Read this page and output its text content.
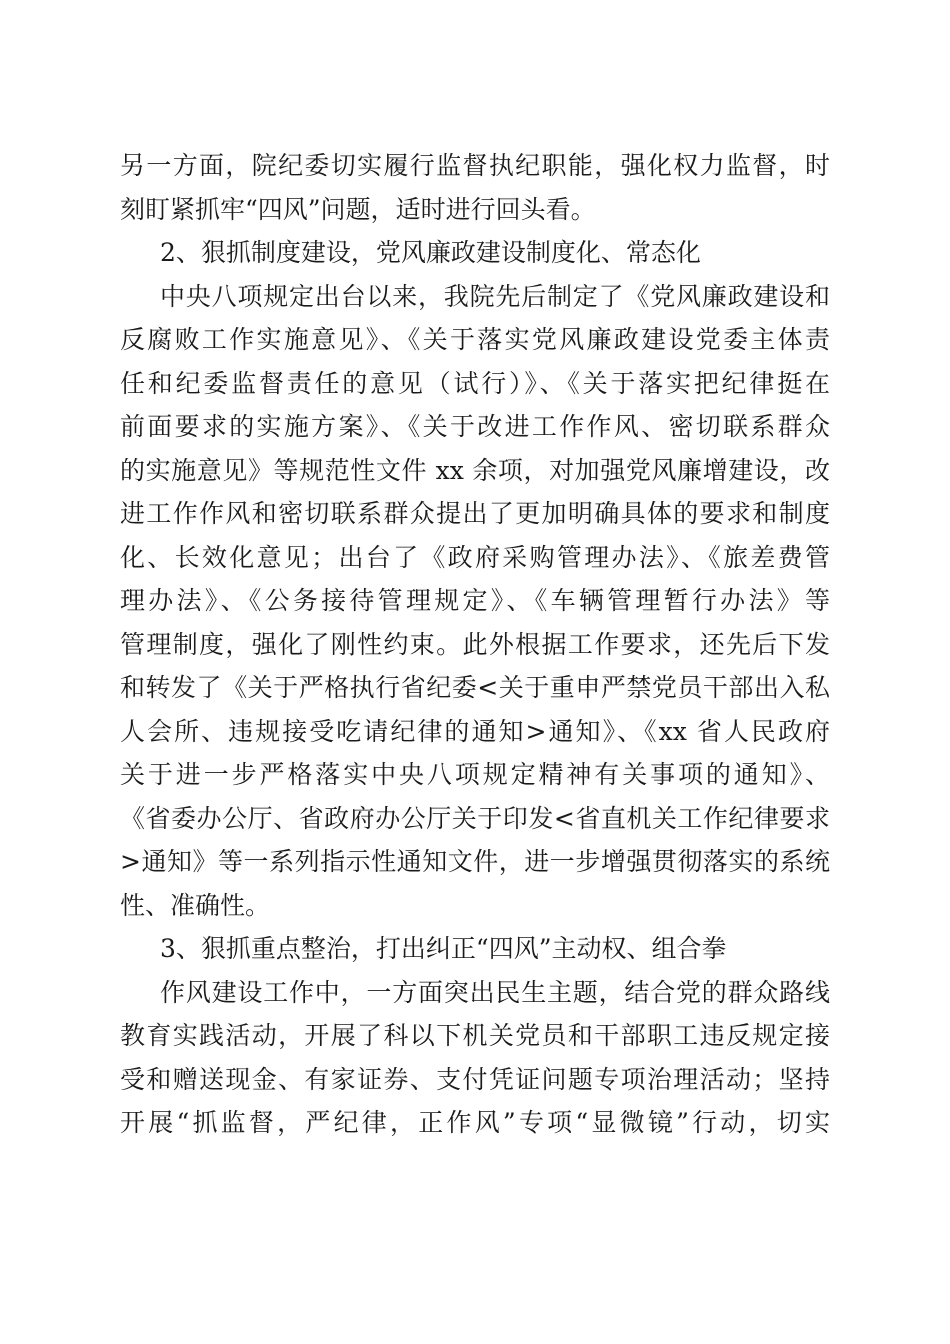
另一方面，院纪委切实履行监督执纪职能，强化权力监督，时
刻盯紧抓牢“四风”问题，适时进行回头看。
2、狠抓制度建设，党风廉政建设制度化、常态化
中央八项规定出台以来，我院先后制定了《党风廉政建设和
反腐败工作实施意见》、《关于落实党风廉政建设党委主体责
任和纪委监督责任的意见（试行）》、《关于落实把纪律挺在
前面要求的实施方案》、《关于改进工作作风、密切联系群众
的实施意见》等规范性文件 xx 余项，对加强党风廉增建设，改
进工作作风和密切联系群众提出了更加明确具体的要求和制度
化、长效化意见；出台了《政府采购管理办法》、《旅差费管
理办法》、《公务接待管理规定》、《车辆管理暂行办法》等
管理制度，强化了刚性约束。此外根据工作要求，还先后下发
和转发了《关于严格执行省纪委<关于重申严禁党员干部出入私
人会所、违规接受吃请纪律的通知>通知》、《xx 省人民政府
关于进一步严格落实中央八项规定精神有关事项的通知》、
《省委办公厅、省政府办公厅关于印发<省直机关工作纪律要求
>通知》等一系列指示性通知文件，进一步增强贯彻落实的系统
性、准确性。
3、狠抓重点整治，打出纠正“四风”主动权、组合拳
作风建设工作中，一方面突出民生主题，结合党的群众路线
教育实践活动，开展了科以下机关党员和干部职工违反规定接
受和赠送现金、有家证券、支付凭证问题专项治理活动；坚持
开展“抓监督，严纪律，正作风”专项“显微镜”行动，切实
